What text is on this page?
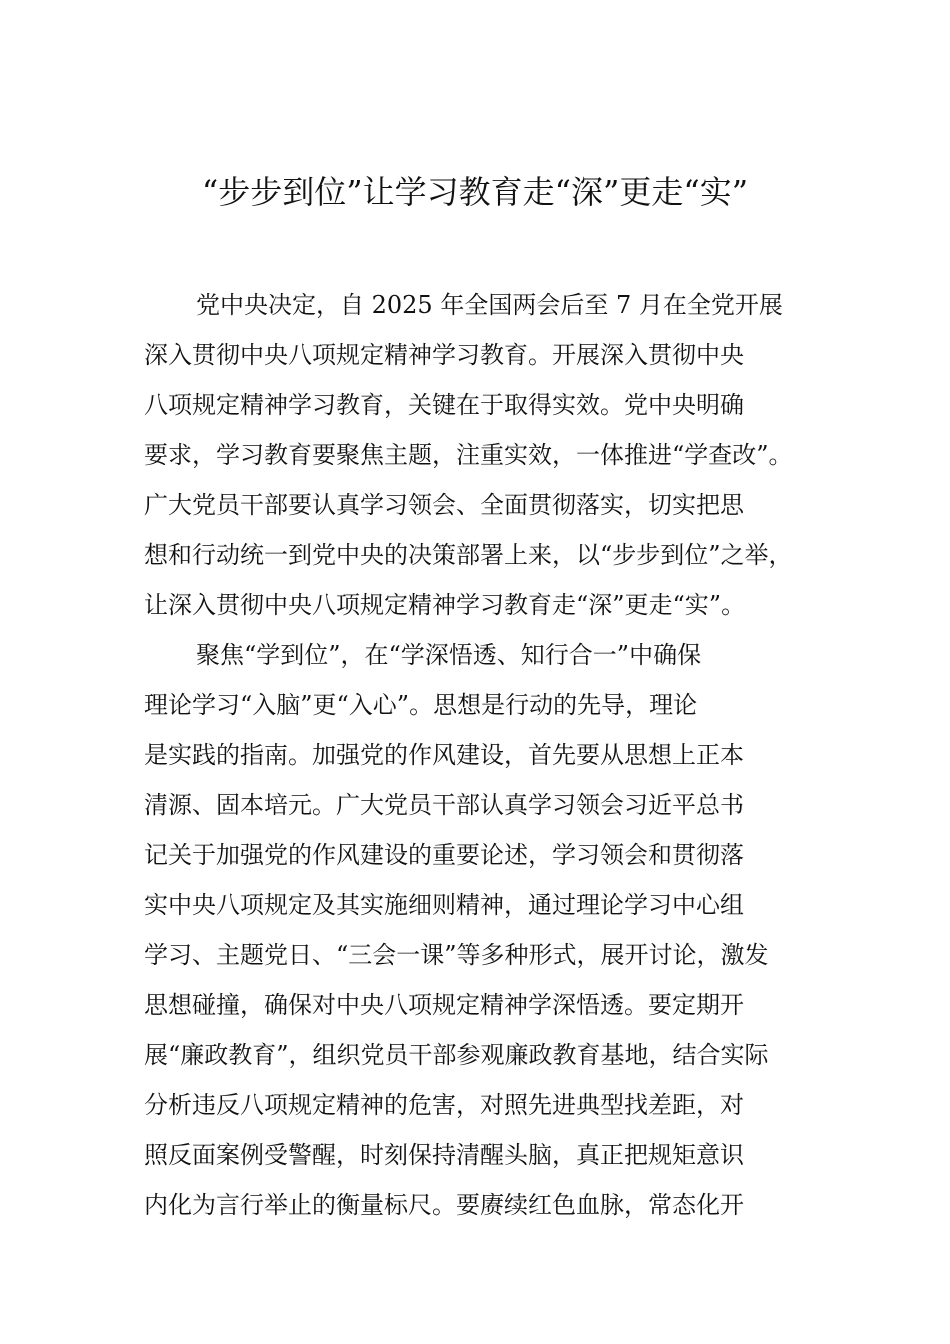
“步步到位”让学习教育走“深”更走“实”
党中央决定，自 2025 年全国两会后至 7 月在全党开展
深入贯彻中央八项规定精神学习教育。开展深入贯彻中央
八项规定精神学习教育，关键在于取得实效。党中央明确
要求，学习教育要聚焦主题，注重实效，一体推进“学查改”。
广大党员干部要认真学习领会、全面贯彻落实，切实把思
想和行动统一到党中央的决策部署上来，以“步步到位”之举，
让深入贯彻中央八项规定精神学习教育走“深”更走“实”。
聚焦“学到位”，在“学深悟透、知行合一”中确保
理论学习“入脑”更“入心”。思想是行动的先导，理论
是实践的指南。加强党的作风建设，首先要从思想上正本
清源、固本培元。广大党员干部认真学习领会习近平总书
记关于加强党的作风建设的重要论述，学习领会和贯彻落
实中央八项规定及其实施细则精神，通过理论学习中心组
学习、主题党日、“三会一课”等多种形式，展开讨论，激发
思想碰撞，确保对中央八项规定精神学深悟透。要定期开
展“廉政教育”，组织党员干部参观廉政教育基地，结合实际
分析违反八项规定精神的危害，对照先进典型找差距，对
照反面案例受警醒，时刻保持清醒头脑，真正把规矩意识
内化为言行举止的衡量标尺。要赓续红色血脉，常态化开
